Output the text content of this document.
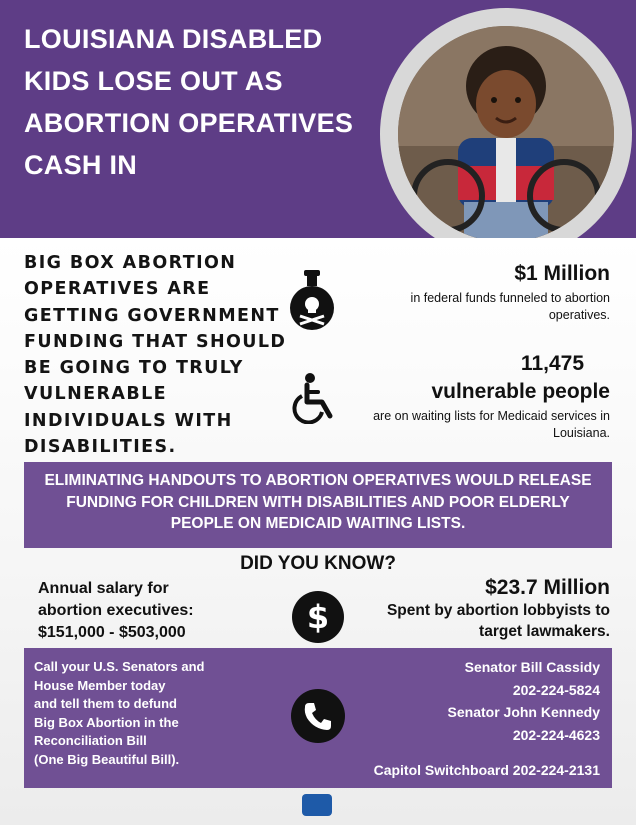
LOUISIANA DISABLED
KIDS LOSE OUT AS
ABORTION OPERATIVES
CASH IN
BIG BOX ABORTION
OPERATIVES ARE
GETTING GOVERNMENT
FUNDING THAT SHOULD
BE GOING TO TRULY
VULNERABLE
INDIVIDUALS WITH
DISABILITIES.
$1 Million
in federal funds funneled to abortion operatives.
11,475
vulnerable people
are on waiting lists for Medicaid services in Louisiana.
ELIMINATING HANDOUTS TO ABORTION OPERATIVES WOULD RELEASE
FUNDING FOR CHILDREN WITH DISABILITIES AND POOR ELDERLY
PEOPLE ON MEDICAID WAITING LISTS.
DID YOU KNOW?
Annual salary for
abortion executives:
$151,000 - $503,000	$
$23.7 Million
Spent by abortion lobbyists to target lawmakers.
Call your U.S. Senators and
House Member today
and tell them to defund
Big Box Abortion in the
Reconciliation Bill
(One Big Beautiful Bill).
Senator Bill Cassidy
202-224-5824
Senator John Kennedy
202-224-4623
Capitol Switchboard 202-224-2131
